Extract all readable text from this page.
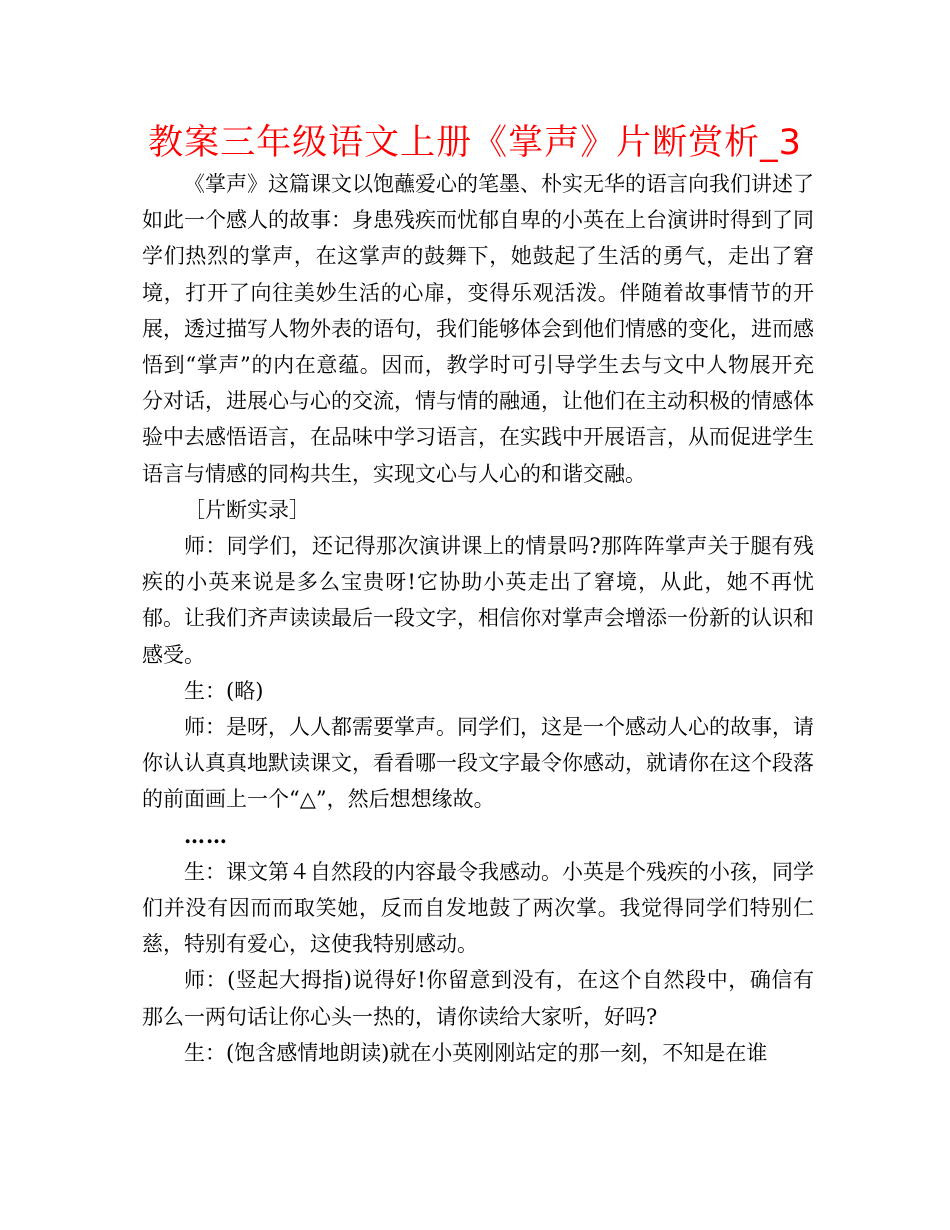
教案三年级语文上册《掌声》片断赏析_3

《掌声》这篇课文以饱蘸爱心的笔墨、朴实无华的语言向我们讲述了如此一个感人的故事：身患残疾而忧郁自卑的小英在上台演讲时得到了同学们热烈的掌声，在这掌声的鼓舞下，她鼓起了生活的勇气，走出了窘境，打开了向往美妙生活的心扉，变得乐观活泼。伴随着故事情节的开展，透过描写人物外表的语句，我们能够体会到他们情感的变化，进而感悟到“掌声”的内在意蕴。因而，教学时可引导学生去与文中人物展开充分对话，进展心与心的交流，情与情的融通，让他们在主动积极的情感体验中去感悟语言，在品味中学习语言，在实践中开展语言，从而促进学生语言与情感的同构共生，实现文心与人心的和谐交融。

［片断实录］

师：同学们，还记得那次演讲课上的情景吗?那阵阵掌声关于腿有残疾的小英来说是多么宝贵呀!它协助小英走出了窘境，从此，她不再忧郁。让我们齐声读读最后一段文字，相信你对掌声会增添一份新的认识和感受。

生：(略)

师：是呀，人人都需要掌声。同学们，这是一个感动人心的故事，请你认认真真地默读课文，看看哪一段文字最令你感动，就请你在这个段落的前面画上一个“△”，然后想想缘故。

……

生：课文第４自然段的内容最令我感动。小英是个残疾的小孩，同学们并没有因而而取笑她，反而自发地鼓了两次掌。我觉得同学们特别仁慈，特别有爱心，这使我特别感动。

师：(竖起大拇指)说得好!你留意到没有，在这个自然段中，确信有那么一两句话让你心头一热的，请你读给大家听，好吗?

生：(饱含感情地朗读)就在小英刚刚站定的那一刻，不知是在谁
